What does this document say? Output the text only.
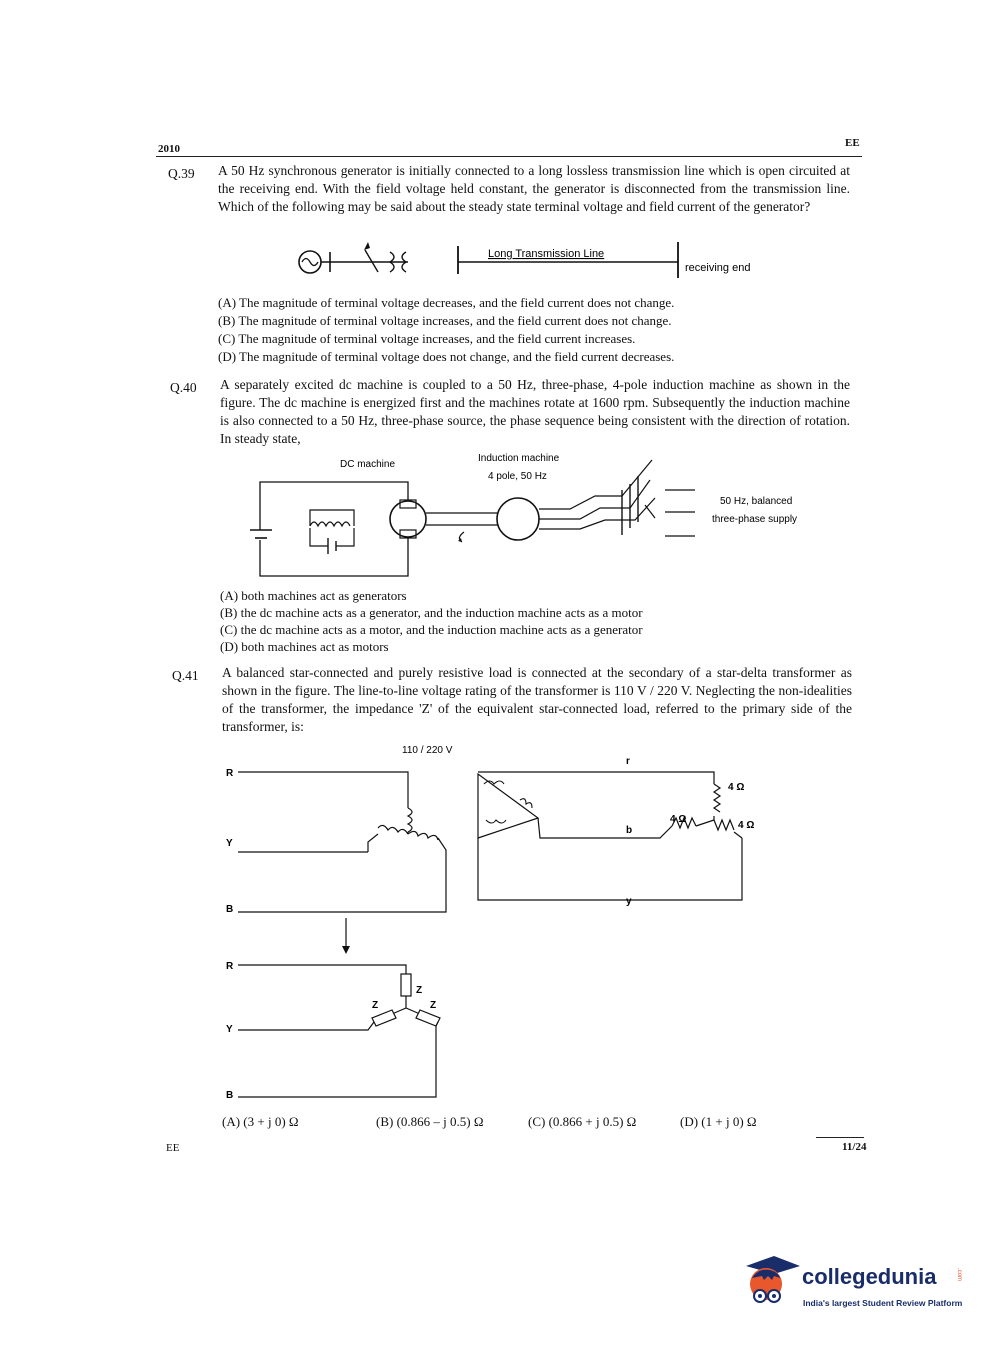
2010	EE
Q.39 A 50 Hz synchronous generator is initially connected to a long lossless transmission line which is open circuited at the receiving end. With the field voltage held constant, the generator is disconnected from the transmission line. Which of the following may be said about the steady state terminal voltage and field current of the generator?
Long Transmission Line
receiving end
(A) The magnitude of terminal voltage decreases, and the field current does not change.
(B) The magnitude of terminal voltage increases, and the field current does not change.
(C) The magnitude of terminal voltage increases, and the field current increases.
(D) The magnitude of terminal voltage does not change, and the field current decreases.
Q.40 A separately excited dc machine is coupled to a 50 Hz, three-phase, 4-pole induction machine as shown in the figure. The dc machine is energized first and the machines rotate at 1600 rpm. Subsequently the induction machine is also connected to a 50 Hz, three-phase source, the phase sequence being consistent with the direction of rotation. In steady state,
DC machine
Induction machine
4 pole, 50 Hz
50 Hz, balanced
three-phase supply
(A) both machines act as generators
(B) the dc machine acts as a generator, and the induction machine acts as a motor
(C) the dc machine acts as a motor, and the induction machine acts as a generator
(D) both machines act as motors
Q.41 A balanced star-connected and purely resistive load is connected at the secondary of a star-delta transformer as shown in the figure. The line-to-line voltage rating of the transformer is 110 V / 220 V. Neglecting the non-idealities of the transformer, the impedance 'Z' of the equivalent star-connected load, referred to the primary side of the transformer, is:
110 / 220 V
R
Y
B
r
b
y
4 Ω
4 Ω
4 Ω
R
Y
B
Z
Z	Z
(A) (3 + j 0) Ω	(B) (0.866 – j 0.5) Ω	(C) (0.866 + j 0.5) Ω	(D) (1 + j 0) Ω
EE	11/24
collegedunia	.com
India's largest Student Review Platform
